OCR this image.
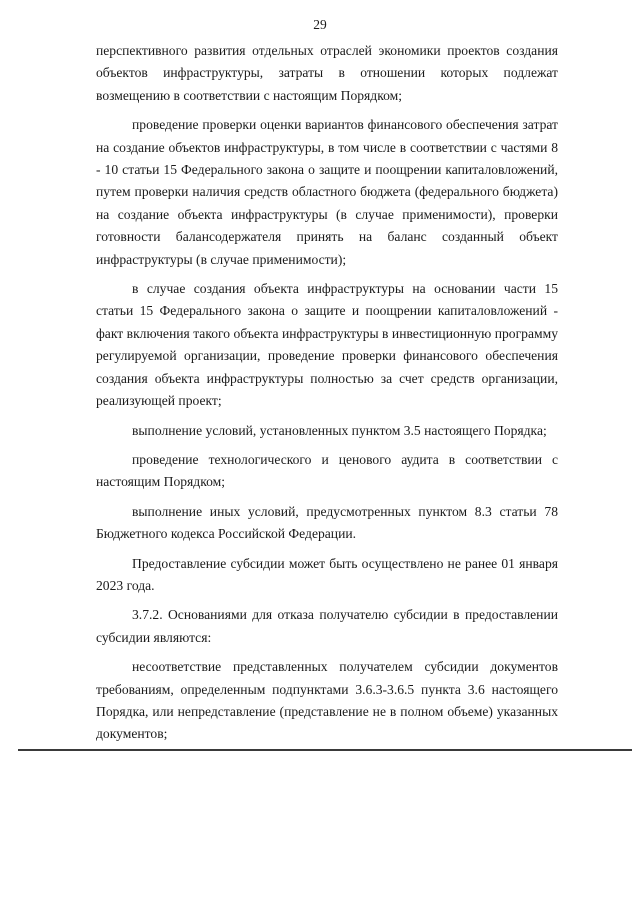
29

перспективного развития отдельных отраслей экономики проектов создания объектов инфраструктуры, затраты в отношении которых подлежат возмещению в соответствии с настоящим Порядком;

проведение проверки оценки вариантов финансового обеспечения затрат на создание объектов инфраструктуры, в том числе в соответствии с частями 8 - 10 статьи 15 Федерального закона о защите и поощрении капиталовложений, путем проверки наличия средств областного бюджета (федерального бюджета) на создание объекта инфраструктуры (в случае применимости), проверки готовности балансодержателя принять на баланс созданный объект инфраструктуры (в случае применимости);

в случае создания объекта инфраструктуры на основании части 15 статьи 15 Федерального закона о защите и поощрении капиталовложений - факт включения такого объекта инфраструктуры в инвестиционную программу регулируемой организации, проведение проверки финансового обеспечения создания объекта инфраструктуры полностью за счет средств организации, реализующей проект;

выполнение условий, установленных пунктом 3.5 настоящего Порядка;

проведение технологического и ценового аудита в соответствии с настоящим Порядком;

выполнение иных условий, предусмотренных пунктом 8.3 статьи 78 Бюджетного кодекса Российской Федерации.

Предоставление субсидии может быть осуществлено не ранее 01 января 2023 года.

3.7.2. Основаниями для отказа получателю субсидии в предоставлении субсидии являются:

несоответствие представленных получателем субсидии документов требованиям, определенным подпунктами 3.6.3-3.6.5 пункта 3.6 настоящего Порядка, или непредставление (представление не в полном объеме) указанных документов;
